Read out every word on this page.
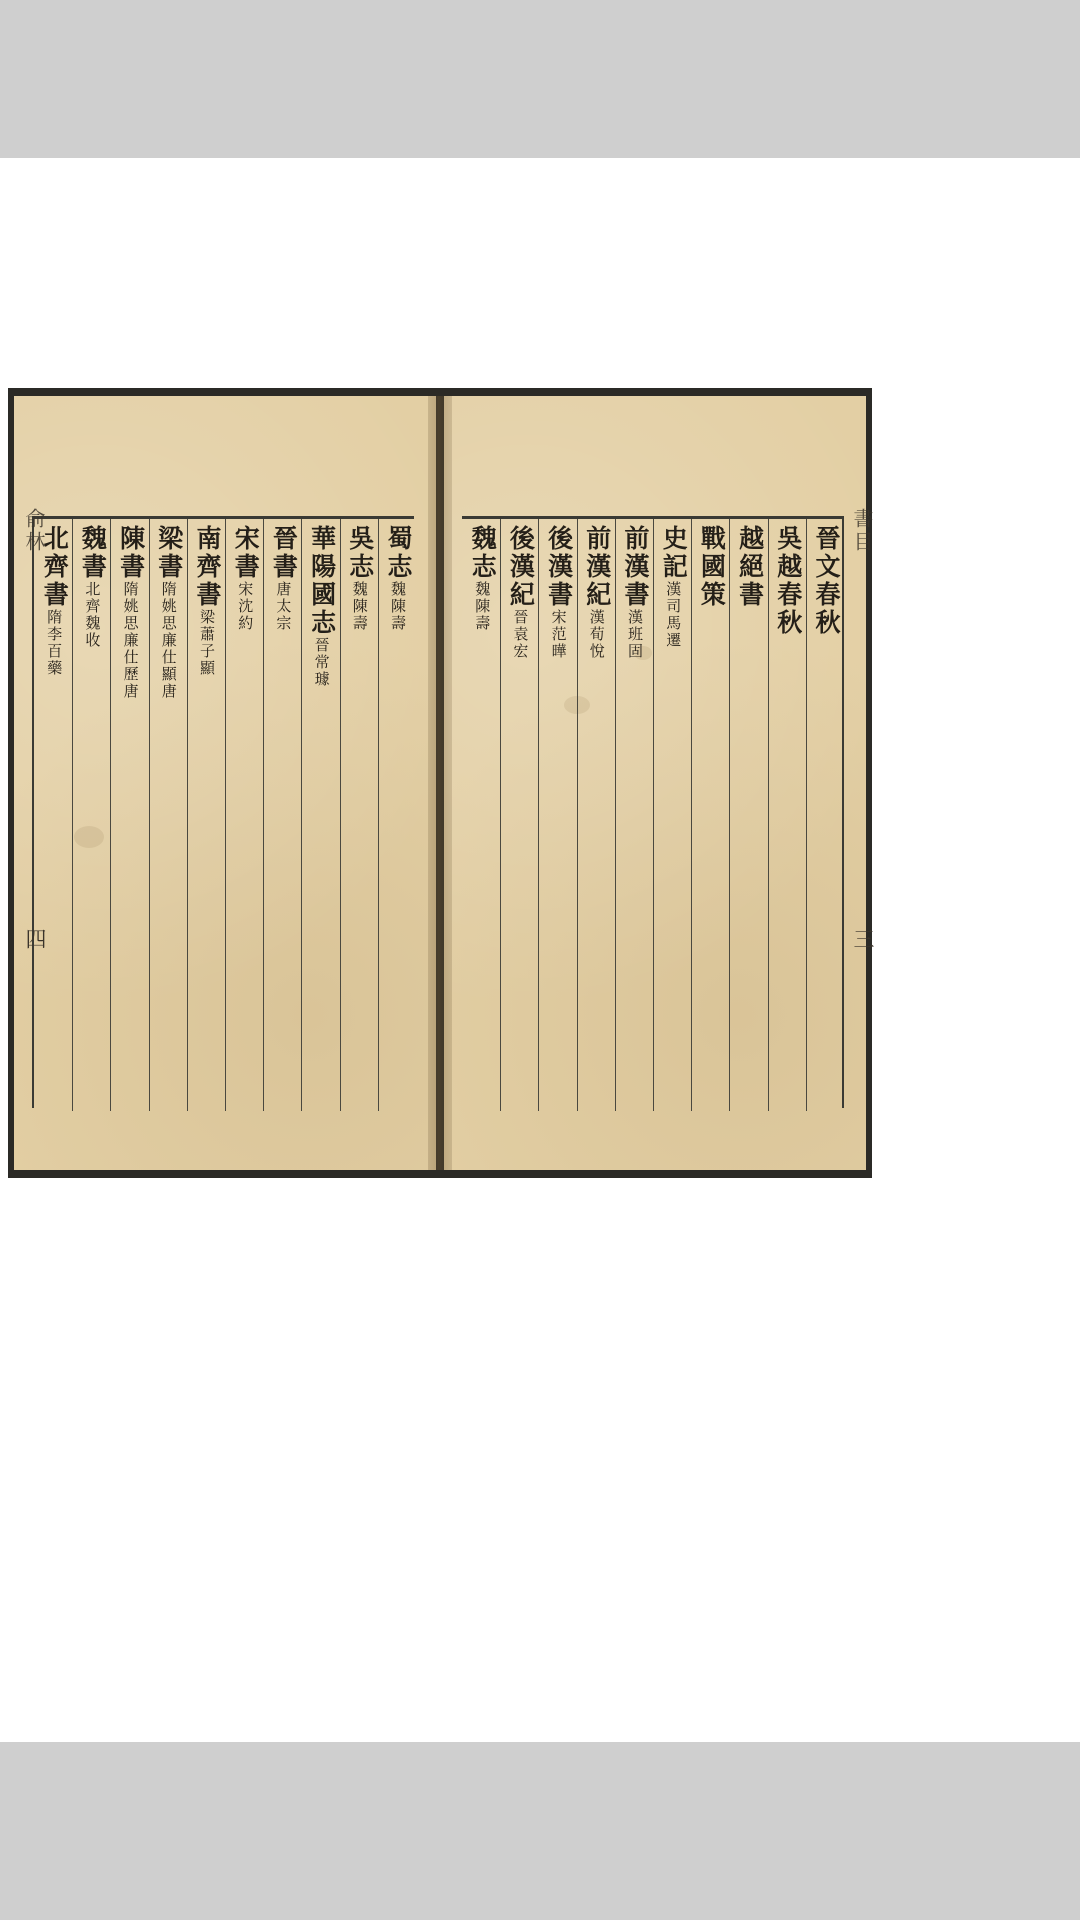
晉文春秋
吳越春秋
越絕書
戰國策
史記漢司馬遷
前漢書漢班固
前漢紀漢荀悅
後漢書宋范曄
後漢紀晉袁宏
魏志魏陳壽
蜀志魏陳壽
吳志魏陳壽
華陽國志晉常璩
晉書唐太宗
宋書宋沈約
南齊書梁蕭子顯
梁書隋姚思廉仕顯唐
陳書隋姚思廉仕歷唐
魏書北齊魏收
北齊書隋李百藥
書目
三
俞林
四
